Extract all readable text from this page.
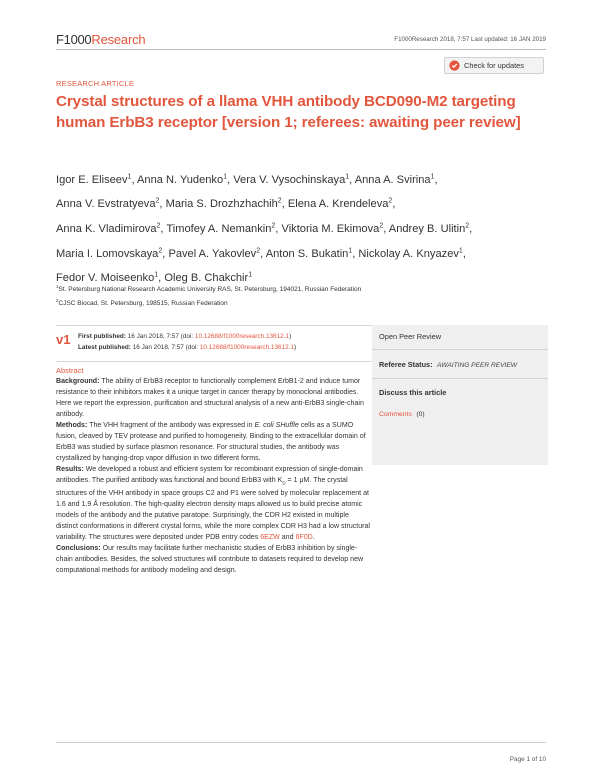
F1000 Research	F1000Research 2018, 7:57 Last updated: 16 JAN 2019
Check for updates
RESEARCH ARTICLE
Crystal structures of a llama VHH antibody BCD090-M2 targeting human ErbB3 receptor [version 1; referees: awaiting peer review]
Igor E. Eliseev$^1$, Anna N. Yudenko$^1$, Vera V. Vysochinskaya$^1$, Anna A. Svirina$^1$,
Anna V. Evstratyeva$^2$, Maria S. Drozhzhachih$^2$, Elena A. Krendeleva$^2$,
Anna K. Vladimirova$^2$, Timofey A. Nemankin$^2$, Viktoria M. Ekimova$^2$, Andrey B. Ulitin$^2$,
Maria I. Lomovskaya$^2$, Pavel A. Yakovlev$^2$, Anton S. Bukatin$^1$, Nickolay A. Knyazev$^1$,
Fedor V. Moiseenko$^1$, Oleg B. Chakchir$^1$
$^1$St. Petersburg National Research Academic University RAS, St. Petersburg, 194021, Russian Federation
$^2$CJSC Biocad, St. Petersburg, 198515, Russian Federation
v1 First published: 16 Jan 2018, 7:57 (doi: 10.12688/f1000research.13612.1)
Latest published: 16 Jan 2018, 7:57 (doi: 10.12688/f1000research.13612.1)
Abstract
Background: The ability of ErbB3 receptor to functionally complement ErbB1-2 and induce tumor resistance to their inhibitors makes it a unique target in cancer therapy by monoclonal antibodies. Here we report the expression, purification and structural analysis of a new anti-ErbB3 single-chain antibody.
Methods: The VHH fragment of the antibody was expressed in E. coli SHuffle cells as a SUMO fusion, cleaved by TEV protease and purified to homogeneity. Binding to the extracellular domain of ErbB3 was studied by surface plasmon resonance. For structural studies, the antibody was crystallized by hanging-drop vapor diffusion in two different forms.
Results: We developed a robust and efficient system for recombinant expression of single-domain antibodies. The purified antibody was functional and bound ErbB3 with $K_D = 1$ μM. The crystal structures of the VHH antibody in space groups C2 and P1 were solved by molecular replacement at 1.6 and 1.9 Å resolution. The high-quality electron density maps allowed us to build precise atomic models of the antibody and the putative paratope. Surprisingly, the CDR H2 existed in multiple distinct conformations in different crystal forms, while the more complex CDR H3 had a low structural variability. The structures were deposited under PDB entry codes 6EZW and 6F0D.
Conclusions: Our results may facilitate further mechanistic studies of ErbB3 inhibition by single-chain antibodies. Besides, the solved structures will contribute to datasets required to develop new computational methods for antibody modeling and design.
Open Peer Review
Referee Status: AWAITING PEER REVIEW
Discuss this article
Comments (0)
Page 1 of 10
